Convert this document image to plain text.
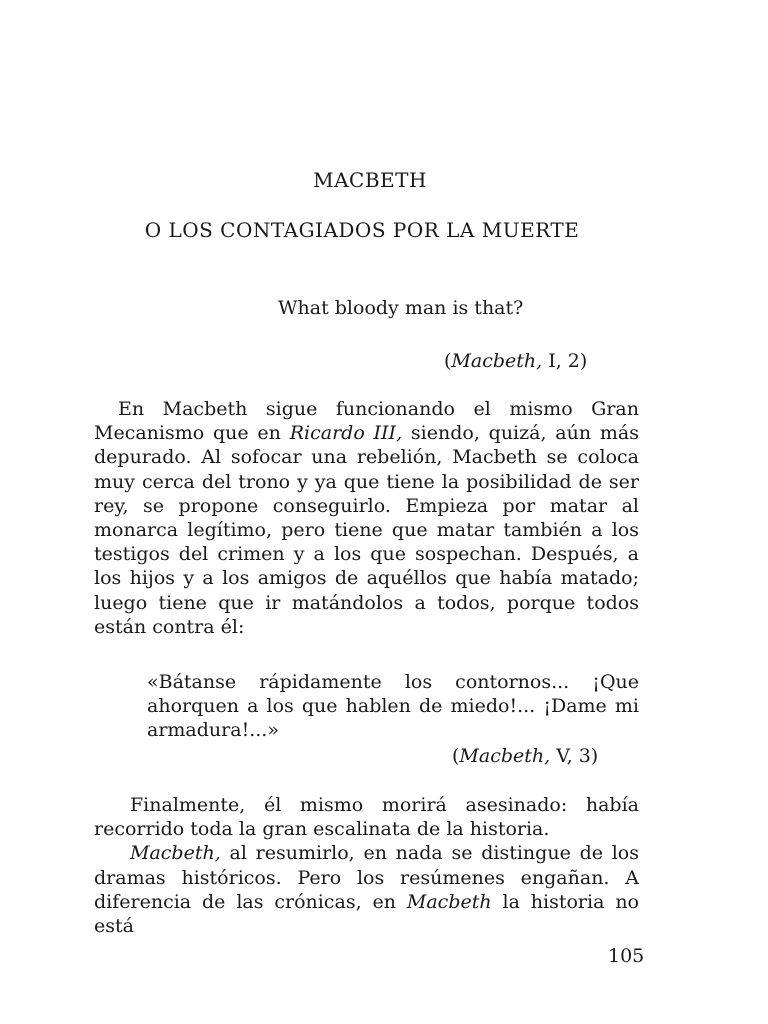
MACBETH
O LOS CONTAGIADOS POR LA MUERTE
What bloody man is that?
(Macbeth, I, 2)

En Macbeth sigue funcionando el mismo Gran Mecanismo que en Ricardo III, siendo, quizá, aún más depurado. Al sofocar una rebelión, Macbeth se coloca muy cerca del trono y ya que tiene la posibilidad de ser rey, se propone conseguirlo. Empieza por matar al monarca legítimo, pero tiene que matar también a los testigos del crimen y a los que sospechan. Después, a los hijos y a los amigos de aquéllos que había matado; luego tiene que ir matándolos a todos, porque todos están contra él:

«Bátanse rápidamente los contornos... ¡Que ahorquen a los que hablen de miedo!... ¡Dame mi armadura!...»

(Macbeth, V, 3)

Finalmente, él mismo morirá asesinado: había recorrido toda la gran escalinata de la historia.
Macbeth, al resumirlo, en nada se distingue de los dramas históricos. Pero los resúmenes engañan. A diferencia de las crónicas, en Macbeth la historia no está

105
